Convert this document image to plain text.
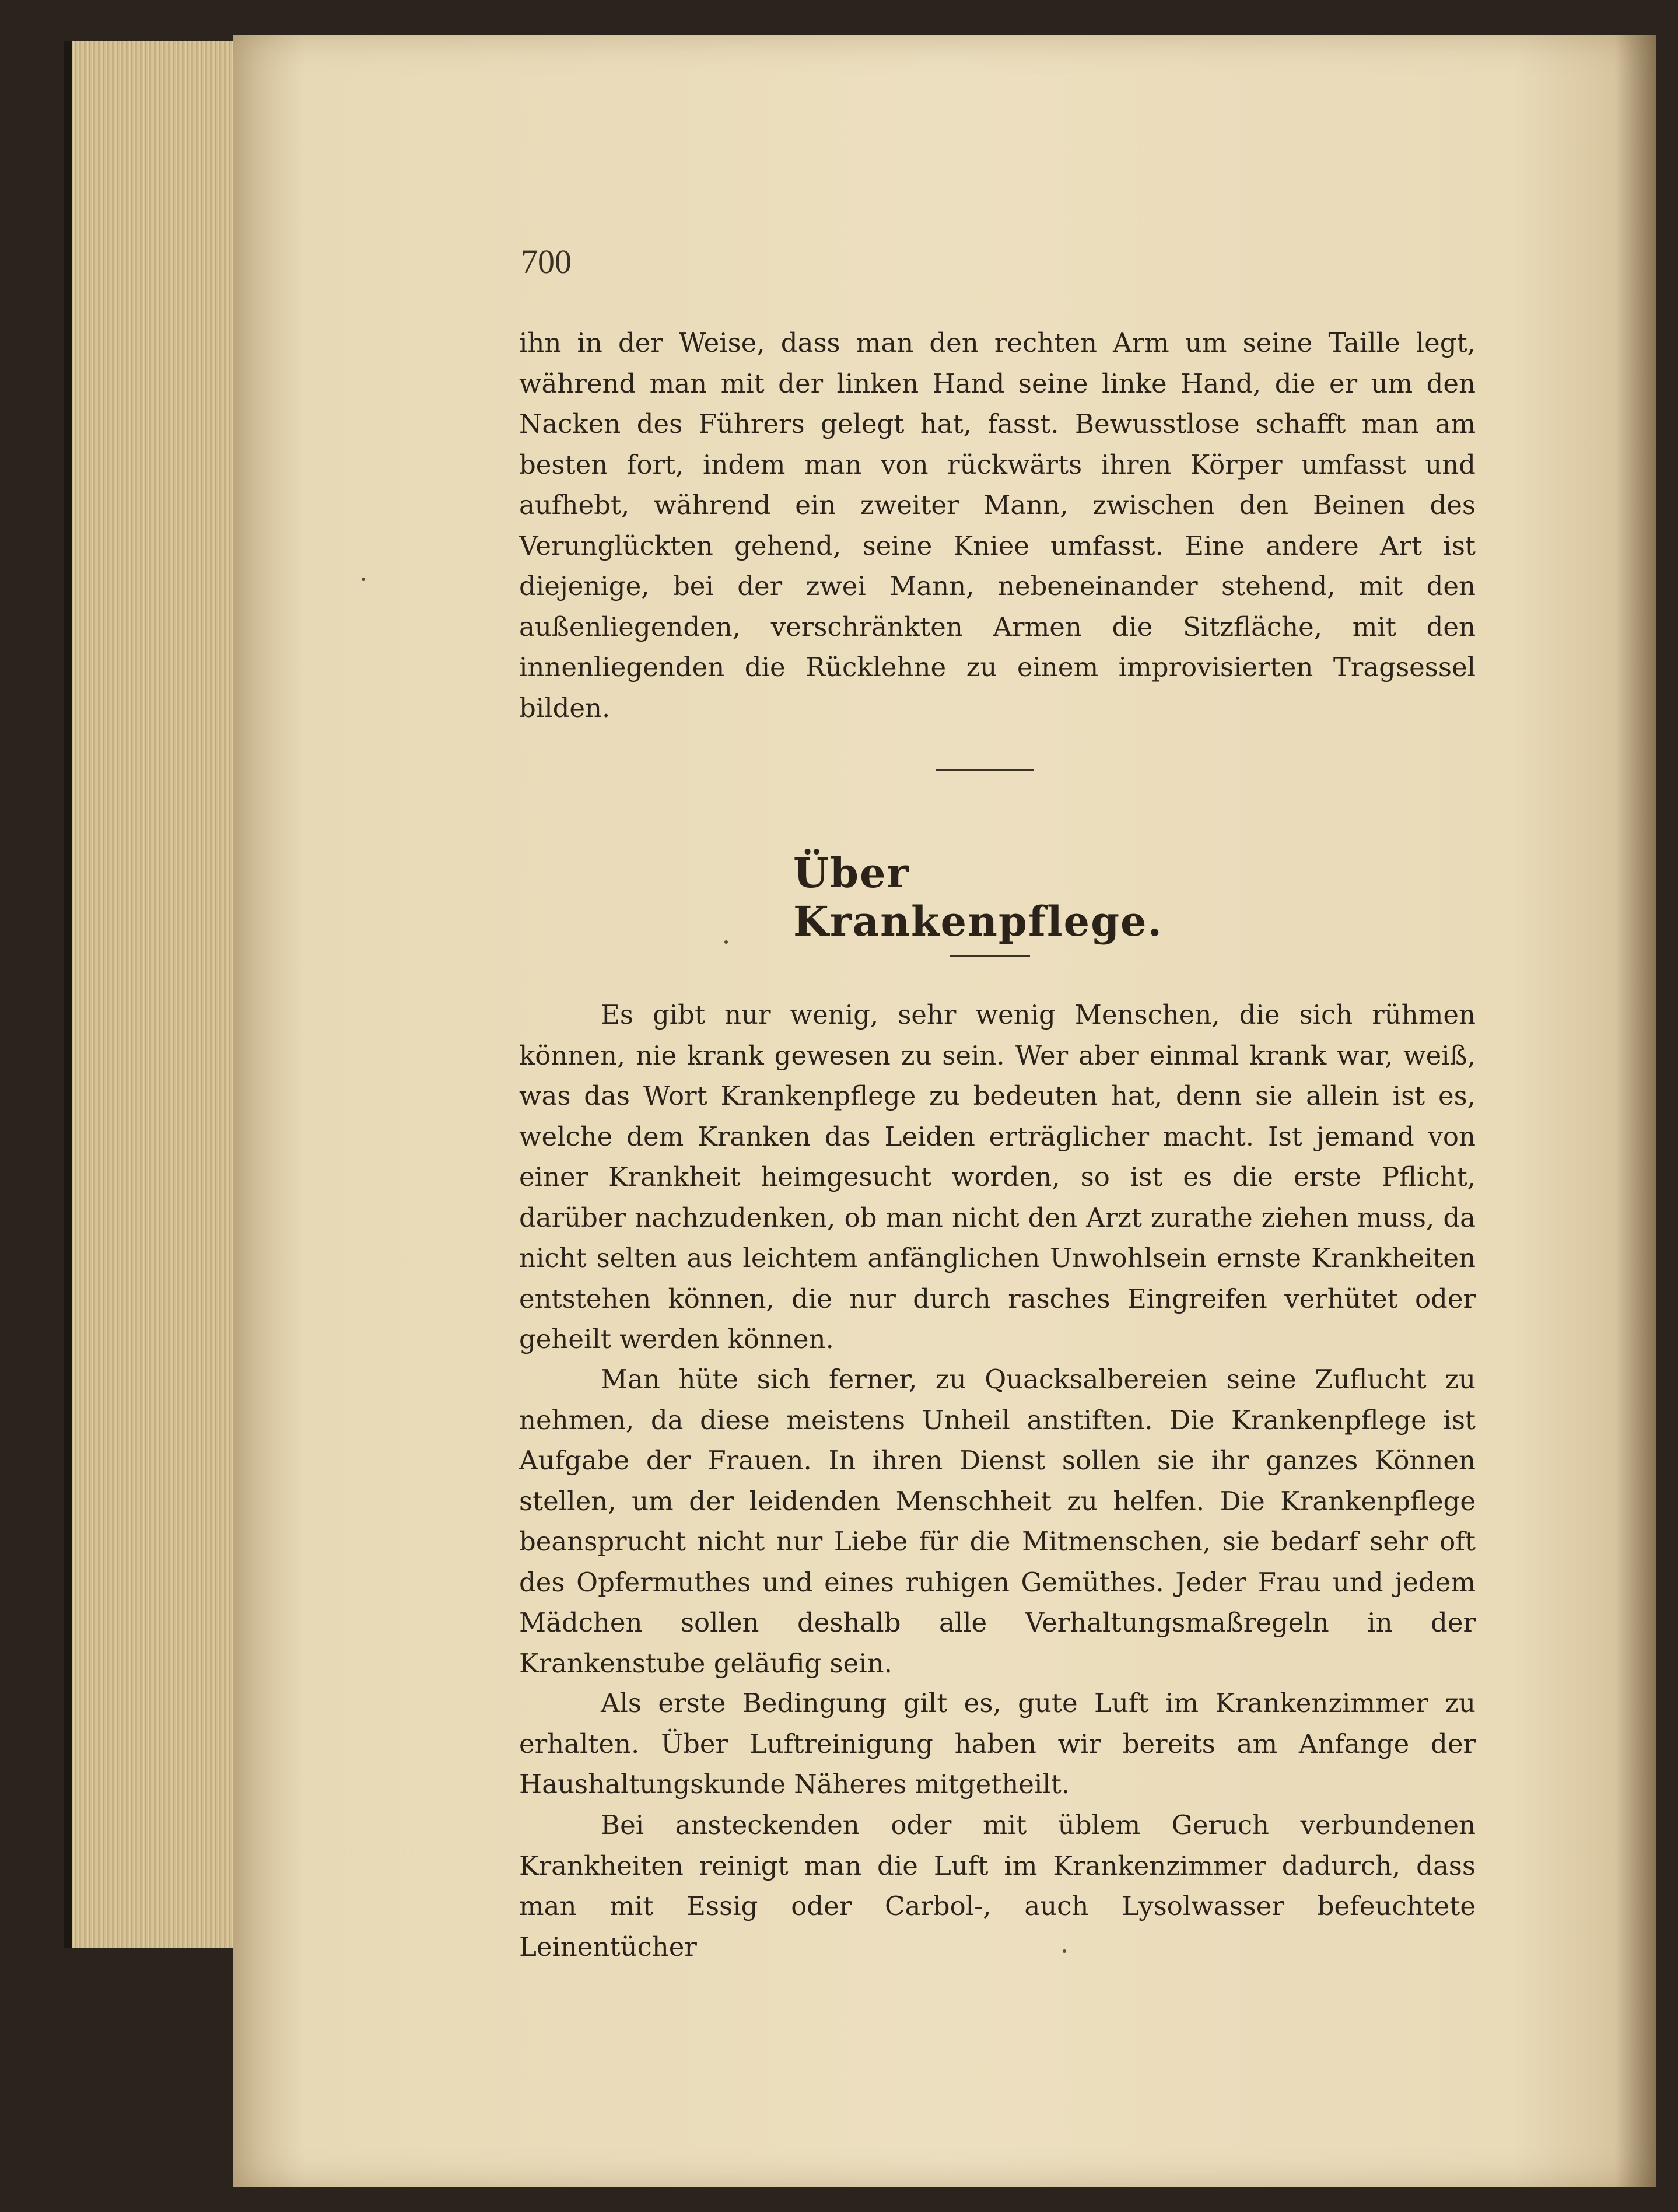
700

ihn in der Weise, dass man den rechten Arm um seine Taille legt, während man mit der linken Hand seine linke Hand, die er um den Nacken des Führers gelegt hat, fasst. Bewusstlose schafft man am besten fort, indem man von rückwärts ihren Körper umfasst und aufhebt, während ein zweiter Mann, zwischen den Beinen des Verunglückten gehend, seine Kniee umfasst. Eine andere Art ist diejenige, bei der zwei Mann, nebeneinander stehend, mit den außenliegenden, verschränkten Armen die Sitzfläche, mit den innenliegenden die Rücklehne zu einem improvisierten Tragsessel bilden.

Über Krankenpflege.

Es gibt nur wenig, sehr wenig Menschen, die sich rühmen können, nie krank gewesen zu sein. Wer aber einmal krank war, weiß, was das Wort Krankenpflege zu bedeuten hat, denn sie allein ist es, welche dem Kranken das Leiden erträglicher macht. Ist jemand von einer Krankheit heimgesucht worden, so ist es die erste Pflicht, darüber nachzudenken, ob man nicht den Arzt zurathe ziehen muss, da nicht selten aus leichtem anfänglichen Unwohlsein ernste Krankheiten entstehen können, die nur durch rasches Eingreifen verhütet oder geheilt werden können.

Man hüte sich ferner, zu Quacksalbereien seine Zuflucht zu nehmen, da diese meistens Unheil anstiften. Die Krankenpflege ist Aufgabe der Frauen. In ihren Dienst sollen sie ihr ganzes Können stellen, um der leidenden Menschheit zu helfen. Die Krankenpflege beansprucht nicht nur Liebe für die Mitmenschen, sie bedarf sehr oft des Opfermuthes und eines ruhigen Gemüthes. Jeder Frau und jedem Mädchen sollen deshalb alle Verhaltungsmaßregeln in der Krankenstube geläufig sein.

Als erste Bedingung gilt es, gute Luft im Krankenzimmer zu erhalten. Über Luftreinigung haben wir bereits am Anfange der Haushaltungskunde Näheres mitgetheilt.

Bei ansteckenden oder mit üblem Geruch verbundenen Krankheiten reinigt man die Luft im Krankenzimmer dadurch, dass man mit Essig oder Carbol-, auch Lysolwasser befeuchtete Leinentücher
